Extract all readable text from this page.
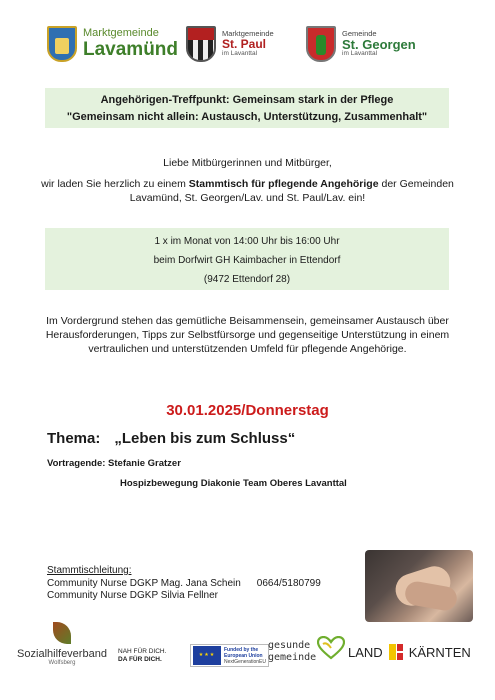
Marktgemeinde
Lavamünd
Marktgemeinde
St. Paul
im Lavanttal
Gemeinde
St. Georgen
im Lavanttal
Angehörigen-Treffpunkt: Gemeinsam stark in der Pflege
"Gemeinsam nicht allein: Austausch, Unterstützung, Zusammenhalt"

Liebe Mitbürgerinnen und Mitbürger,

wir laden Sie herzlich zu einem Stammtisch für pflegende Angehörige der Gemeinden Lavamünd, St. Georgen/Lav. und St. Paul/Lav. ein!

1 x im Monat von 14:00 Uhr bis 16:00 Uhr
beim Dorfwirt GH Kaimbacher in Ettendorf
(9472 Ettendorf 28)
Im Vordergrund stehen das gemütliche Beisammensein, gemeinsamer Austausch über Herausforderungen, Tipps zur Selbstfürsorge und gegenseitige Unterstützung in einem vertraulichen und unterstützenden Umfeld für pflegende Angehörige.
30.01.2025/Donnerstag
Thema: „Leben bis zum Schluss“
Vortragende: Stefanie Gratzer
Hospizbewegung Diakonie Team Oberes Lavanttal
Stammtischleitung:
Community Nurse DGKP Mag. Jana Schein 0664/5180799
Community Nurse DGKP Silvia Fellner
Sozialhilfeverband
Wolfsberg
NAH FÜR DICH.
DA FÜR DICH.
★★★
Funded by the
European Union
NextGenerationEU
gesunde
gemeinde LAND KÄRNTEN
